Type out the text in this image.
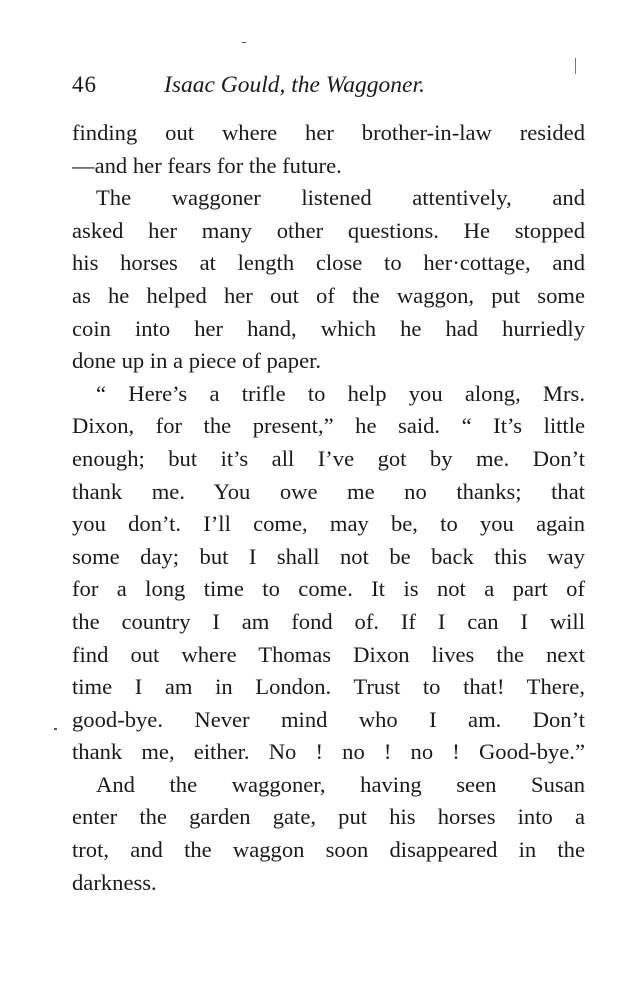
46	Isaac Gould, the Waggoner.
finding out where her brother-in-law resided
—and her fears for the future.
The waggoner listened attentively, and
asked her many other questions. He stopped
his horses at length close to her·cottage, and
as he helped her out of the waggon, put some
coin into her hand, which he had hurriedly
done up in a piece of paper.
“ Here’s a trifle to help you along, Mrs.
Dixon, for the present,” he said. “ It’s little
enough; but it’s all I’ve got by me. Don’t
thank me. You owe me no thanks; that
you don’t. I’ll come, may be, to you again
some day; but I shall not be back this way
for a long time to come. It is not a part of
the country I am fond of. If I can I will
find out where Thomas Dixon lives the next
time I am in London. Trust to that! There,
good-bye. Never mind who I am. Don’t
thank me, either. No ! no ! no ! Good-bye.”
And the waggoner, having seen Susan
enter the garden gate, put his horses into a
trot, and the waggon soon disappeared in the
darkness.
